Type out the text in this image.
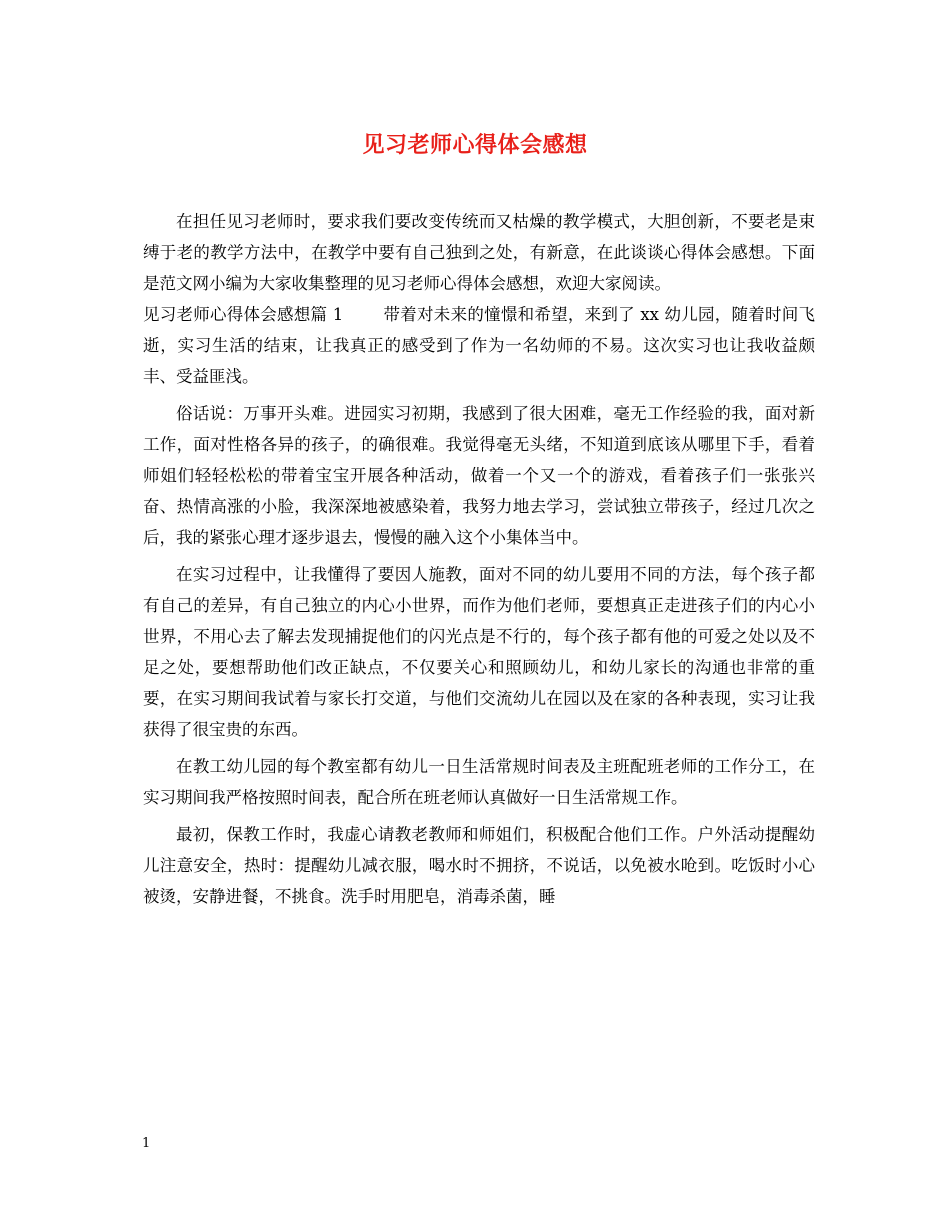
见习老师心得体会感想

在担任见习老师时，要求我们要改变传统而又枯燥的教学模式，大胆创新，不要老是束缚于老的教学方法中，在教学中要有自己独到之处，有新意，在此谈谈心得体会感想。下面是范文网小编为大家收集整理的见习老师心得体会感想，欢迎大家阅读。

见习老师心得体会感想篇 1 带着对未来的憧憬和希望，来到了 xx 幼儿园，随着时间飞逝，实习生活的结束，让我真正的感受到了作为一名幼师的不易。这次实习也让我收益颇丰、受益匪浅。

俗话说：万事开头难。进园实习初期，我感到了很大困难，毫无工作经验的我，面对新工作，面对性格各异的孩子，的确很难。我觉得毫无头绪，不知道到底该从哪里下手，看着师姐们轻轻松松的带着宝宝开展各种活动，做着一个又一个的游戏，看着孩子们一张张兴奋、热情高涨的小脸，我深深地被感染着，我努力地去学习，尝试独立带孩子，经过几次之后，我的紧张心理才逐步退去，慢慢的融入这个小集体当中。

在实习过程中，让我懂得了要因人施教，面对不同的幼儿要用不同的方法，每个孩子都有自己的差异，有自己独立的内心小世界，而作为他们老师，要想真正走进孩子们的内心小世界，不用心去了解去发现捕捉他们的闪光点是不行的，每个孩子都有他的可爱之处以及不足之处，要想帮助他们改正缺点，不仅要关心和照顾幼儿，和幼儿家长的沟通也非常的重要，在实习期间我试着与家长打交道，与他们交流幼儿在园以及在家的各种表现，实习让我获得了很宝贵的东西。

在教工幼儿园的每个教室都有幼儿一日生活常规时间表及主班配班老师的工作分工，在实习期间我严格按照时间表，配合所在班老师认真做好一日生活常规工作。

最初，保教工作时，我虚心请教老教师和师姐们，积极配合他们工作。户外活动提醒幼儿注意安全，热时：提醒幼儿减衣服，喝水时不拥挤，不说话，以免被水呛到。吃饭时小心被烫，安静进餐，不挑食。洗手时用肥皂，消毒杀菌，睡

1
